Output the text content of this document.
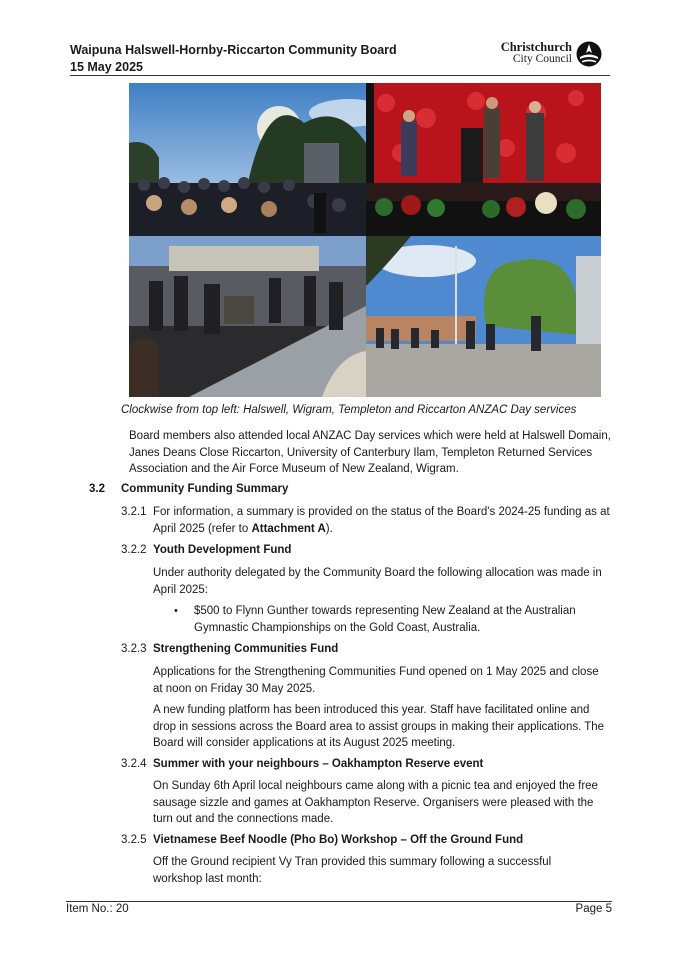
Waipuna Halswell-Hornby-Riccarton Community Board
15 May 2025
Christchurch
City Council
Clockwise from top left: Halswell, Wigram, Templeton and Riccarton ANZAC Day services

Board members also attended local ANZAC Day services which were held at Halswell Domain, Janes Deans Close Riccarton, University of Canterbury Ilam, Templeton Returned Services Association and the Air Force Museum of New Zealand, Wigram.

3.2 Community Funding Summary
3.2.1 For information, a summary is provided on the status of the Board's 2024-25 funding as at April 2025 (refer to Attachment A).

3.2.2 Youth Development Fund

Under authority delegated by the Community Board the following allocation was made in April 2025:

• $500 to Flynn Gunther towards representing New Zealand at the Australian Gymnastic Championships on the Gold Coast, Australia.

3.2.3 Strengthening Communities Fund

Applications for the Strengthening Communities Fund opened on 1 May 2025 and close at noon on Friday 30 May 2025.

A new funding platform has been introduced this year. Staff have facilitated online and drop in sessions across the Board area to assist groups in making their applications. The Board will consider applications at its August 2025 meeting.

3.2.4 Summer with your neighbours – Oakhampton Reserve event

On Sunday 6th April local neighbours came along with a picnic tea and enjoyed the free sausage sizzle and games at Oakhampton Reserve. Organisers were pleased with the turn out and the connections made.

3.2.5 Vietnamese Beef Noodle (Pho Bo) Workshop – Off the Ground Fund

Off the Ground recipient Vy Tran provided this summary following a successful workshop last month:

Item No.: 20	Page 5
